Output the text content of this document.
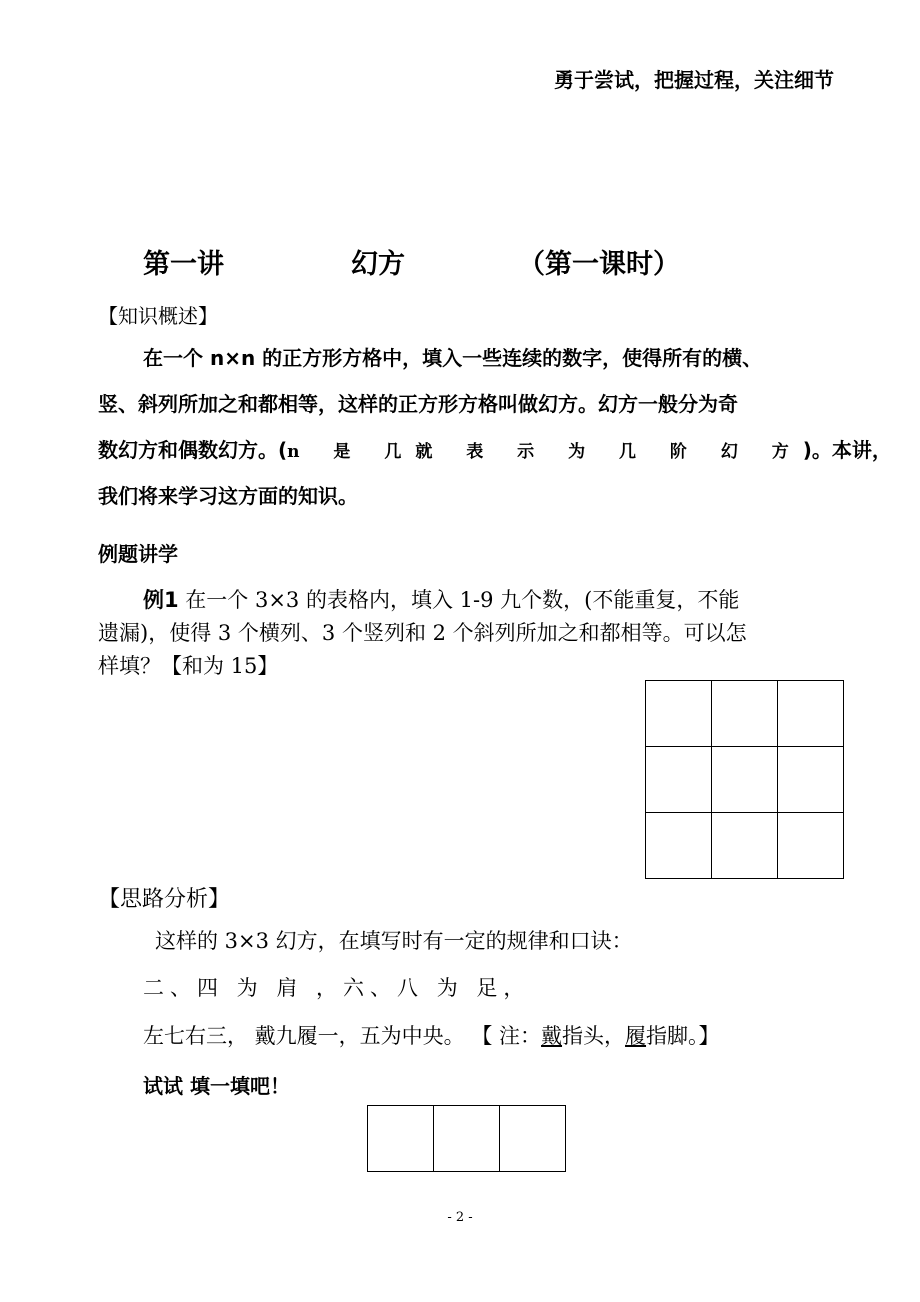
勇于尝试，把握过程，关注细节
第一讲	幻方	（第一课时）
【知识概述】
在一个 n×n 的正方形方格中，填入一些连续的数字，使得所有的横、
竖、斜列所加之和都相等，这样的正方形方格叫做幻方。幻方一般分为奇
数幻方和偶数幻方。(n 是 几就 表 示 为 几 阶 幻 方)。本讲，
我们将来学习这方面的知识。
例题讲学
例1 在一个 3×3 的表格内，填入 1-9 九个数，(不能重复，不能
遗漏)，使得 3 个横列、3 个竖列和 2 个斜列所加之和都相等。可以怎
样填？【和为 15】

【思路分析】
这样的 3×3 幻方，在填写时有一定的规律和口诀：
二、四 为 肩 ，六、八 为 足，
左七右三， 戴九履一，五为中央。 【 注：戴指头，履指脚。】
试试 填一填吧！

- 2 -
